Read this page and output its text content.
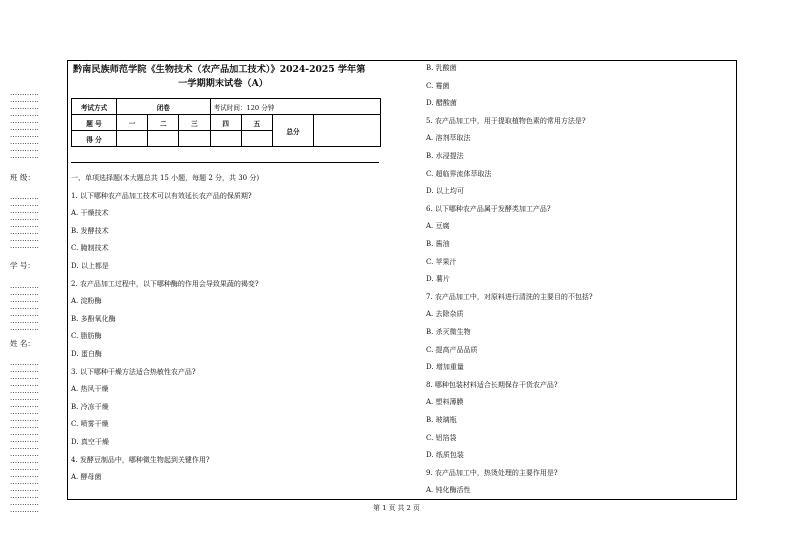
············
············
············
············
············
············
············
············
············
············
班 级：
············
············
············
············
············
············
············
············
学 号：
············
············
············
············
············
············
············
姓 名：
············
············
············
············
············
············
············
············
············
············
············
············
············
············
············
············
············
············
············
············
············
············
黔南民族师范学院《生物技术（农产品加工技术）》2024-2025 学年第
一学期期末试卷（A）
考试方式	闭卷			考试时间：120 分钟			
题 号	一	二	三	四	五	总分	
得 分							
一、单项选择题(本大题总共 15 小题，每题 2 分，共 30 分)
1. 以下哪种农产品加工技术可以有效延长农产品的保质期?
A. 干燥技术
B. 发酵技术
C. 腌制技术
D. 以上都是
2. 农产品加工过程中，以下哪种酶的作用会导致果蔬的褐变?
A. 淀粉酶
B. 多酚氧化酶
C. 脂肪酶
D. 蛋白酶
3. 以下哪种干燥方法适合热敏性农产品?
A. 热风干燥
B. 冷冻干燥
C. 喷雾干燥
D. 真空干燥
4. 发酵豆制品中，哪种微生物起到关键作用?
A. 酵母菌
B. 乳酸菌
C. 霉菌
D. 醋酸菌
5. 农产品加工中，用于提取植物色素的常用方法是?
A. 溶剂萃取法
B. 水浸提法
C. 超临界流体萃取法
D. 以上均可
6. 以下哪种农产品属于发酵类加工产品?
A. 豆腐
B. 酱油
C. 苹果汁
D. 薯片
7. 农产品加工中，对原料进行清洗的主要目的不包括?
A. 去除杂质
B. 杀灭微生物
C. 提高产品品质
D. 增加重量
8. 哪种包装材料适合长期保存干货农产品?
A. 塑料薄膜
B. 玻璃瓶
C. 铝箔袋
D. 纸质包装
9. 农产品加工中，热烫处理的主要作用是?
A. 钝化酶活性
第 1 页 共 2 页
